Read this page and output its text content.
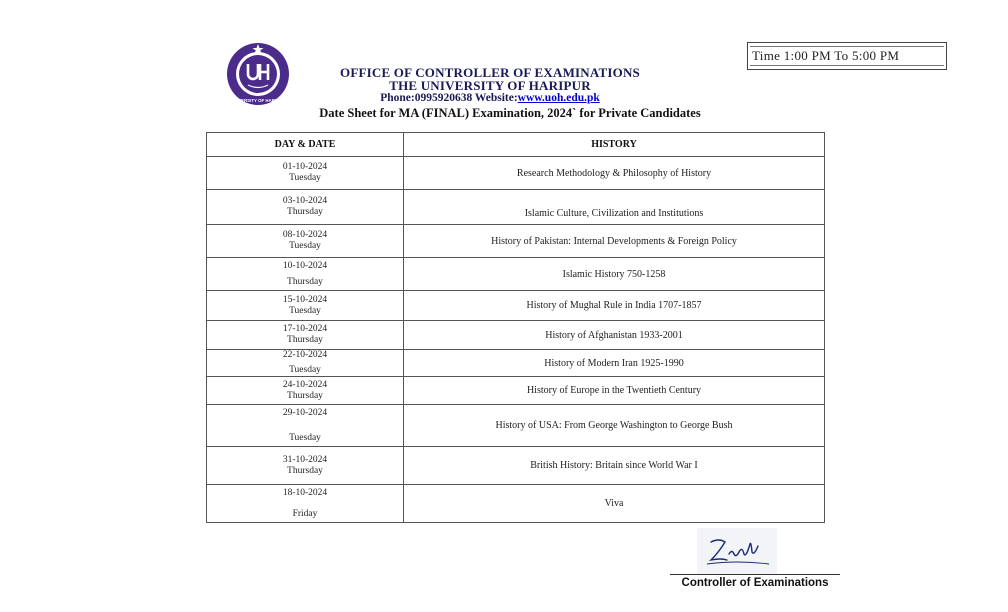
UNIVERSITY OF HARIPUR
Time 1:00 PM To 5:00 PM
OFFICE OF CONTROLLER OF EXAMINATIONS
THE UNIVERSITY OF HARIPUR
Phone:0995920638 Website:www.uoh.edu.pk
Date Sheet for MA (FINAL) Examination, 2024` for Private Candidates
DAY & DATE	HISTORY

01-10-2024
Tuesday	Research Methodology & Philosophy of History

03-10-2024
Thursday	Islamic Culture, Civilization and Institutions

08-10-2024
Tuesday	History of Pakistan: Internal Developments & Foreign Policy

10-10-2024
Thursday	Islamic History 750-1258

15-10-2024
Tuesday	History of Mughal Rule in India 1707-1857

17-10-2024
Thursday	History of Afghanistan 1933-2001

22-10-2024
Tuesday	History of Modern Iran 1925-1990

24-10-2024
Thursday	History of Europe in the Twentieth Century

29-10-2024
Tuesday	History of USA: From George Washington to George Bush

31-10-2024
Thursday	British History: Britain since World War I

18-10-2024
Friday	Viva
Controller of Examinations
